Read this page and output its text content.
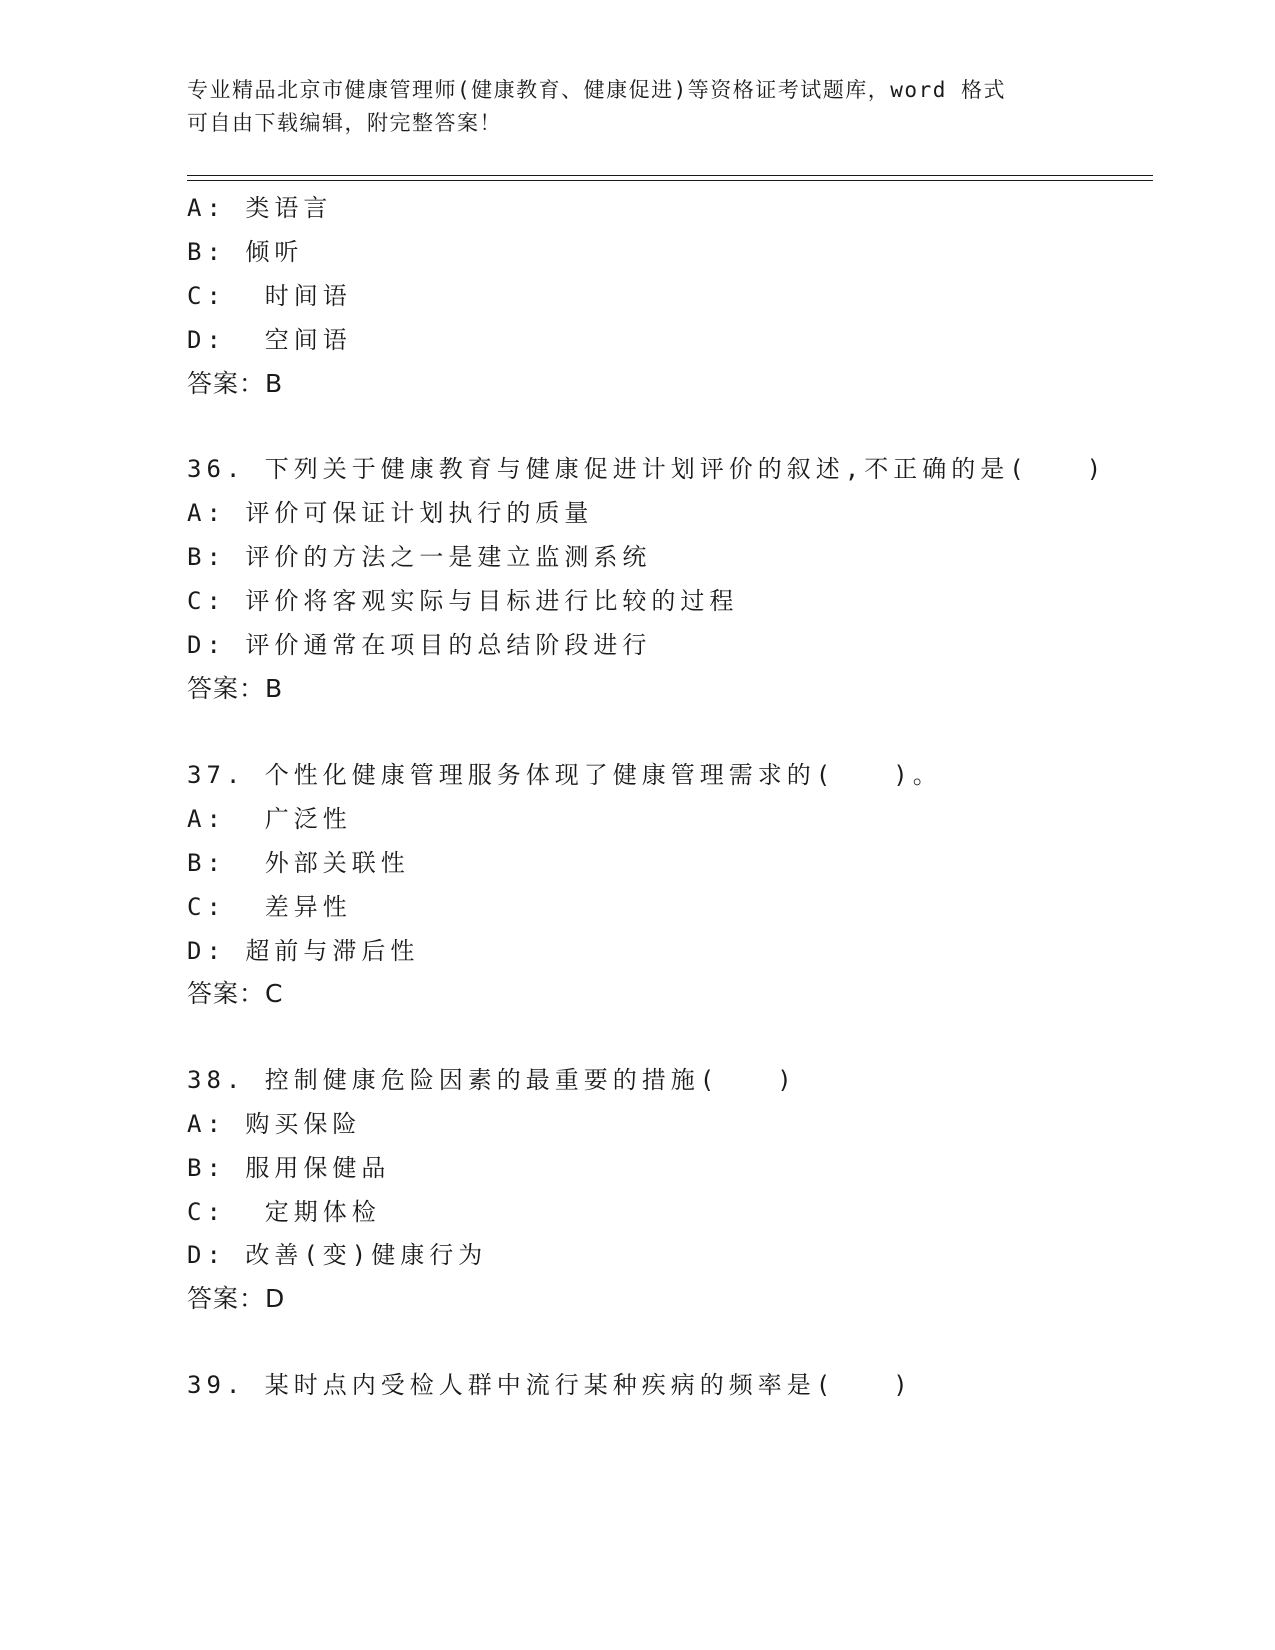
专业精品北京市健康管理师(健康教育、健康促进)等资格证考试题库，word 格式
可自由下载编辑，附完整答案！
A: 类语言
B: 倾听
C:  时间语
D:  空间语
答案：B
36. 下列关于健康教育与健康促进计划评价的叙述,不正确的是(　　)
A: 评价可保证计划执行的质量
B: 评价的方法之一是建立监测系统
C: 评价将客观实际与目标进行比较的过程
D: 评价通常在项目的总结阶段进行
答案：B
37. 个性化健康管理服务体现了健康管理需求的(　　)。
A:  广泛性
B:  外部关联性
C:  差异性
D: 超前与滞后性
答案：C
38. 控制健康危险因素的最重要的措施(　　)
A: 购买保险
B: 服用保健品
C:  定期体检
D: 改善(变)健康行为
答案：D
39. 某时点内受检人群中流行某种疾病的频率是(　　)
